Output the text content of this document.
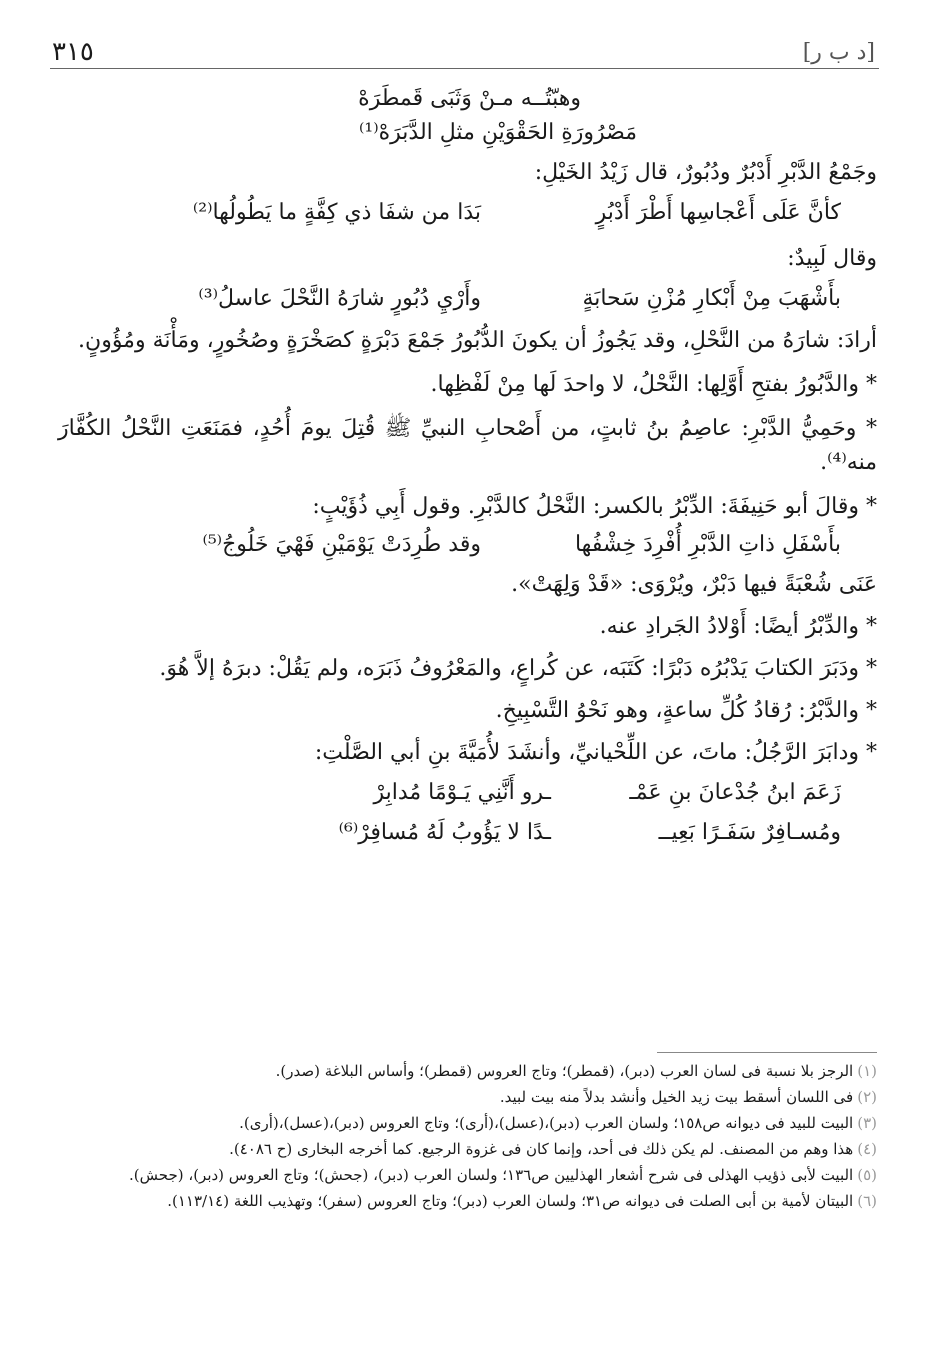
٣١٥	[د ب ر]
وهبّتُــه مـنْ وَثَبَى قَمطَرَهْ
مَصْرُورَةِ الحَقْوَيْنِ مثلِ الدَّبَرَهْ⁽¹⁾

وجَمْعُ الدَّبْرِ أَدْبُرٌ ودُبُورٌ، قال زَيْدُ الخَيْلِ:

كأنَّ عَلَى أَعْجاسِها أَطْرَ أَدْبُرٍ
بَدَا من شفَا ذي كِفَّةٍ ما يَطُولُها⁽²⁾

وقال لَبِيدٌ:

بأَشْهَبَ مِنْ أَبْكارِ مُزْنِ سَحابَةٍ
وأَرْيِ دُبُورٍ شارَهُ النَّحْلَ عاسلُ⁽³⁾

أرادَ: شارَهُ من النَّحْلِ، وقد يَجُوزُ أن يكونَ الدُّبُورُ جَمْعَ دَبْرَةٍ كصَخْرَةٍ وصُخُورٍ، ومَأْنَة ومُؤُونٍ.

* والدَّبُورُ بفتحِ أَوَّلِها: النَّحْلُ، لا واحدَ لَها مِنْ لَفْظِها.

* وحَمِيُّ الدَّبْرِ: عاصِمُ بنُ ثابتٍ، من أَصْحابِ النبيِّ ﷺ قُتِلَ يومَ أُحُدٍ، فمَنَعَتِ النَّحْلُ الكُفَّارَ منه⁽⁴⁾.

* وقالَ أبو حَنِيفَةَ: الدِّبْرُ بالكسر: النَّحْلُ كالدَّبْرِ. وقول أَبِي ذُؤَيْبٍ:

بأَسْفَلِ ذاتِ الدَّبْرِ أُفْرِدَ خِشْفُها
وقد طُرِدَتْ يَوْمَيْنِ فَهْيَ خَلُوجُ⁽⁵⁾

عَنَى شُعْبَةً فيها دَبْرٌ، ويُرْوَى: «قَدْ وَلِهَتْ».

* والدِّبْرُ أيضًا: أَوْلادُ الجَرادِ عنه.

* ودَبَرَ الكتابَ يَدْبُرُه دَبْرًا: كَتَبَه، عن كُراعٍ، والمَعْرُوفُ ذَبَرَه، ولم يَقُلْ: دبرَهُ إلاَّ هُوَ.

* والدَّبْرُ: رُقادُ كُلِّ ساعةٍ، وهو نَحْوُ التَّسْبِيخِ.

* ودابَرَ الرَّجُلُ: ماتَ، عن اللِّحْيانيِّ، وأنشَدَ لأُمَيَّةَ بنِ أبي الصَّلْتِ:

زَعَمَ ابنُ جُدْعانَ بنِ عَمْـ
ـرو أَنَّنِي يَـوْمًا مُدابِرْ
ومُسـافِرٌ سَفَـرًا بَعِيــ
ـدًا لا يَؤُوبُ لَهُ مُسافِرْ⁽⁶⁾

(١)الرجز بلا نسبة فى لسان العرب (دبر)، (قمطر)؛ وتاج العروس (قمطر)؛ وأساس البلاغة (صدر).

(٢)فى اللسان أسقط بيت زيد الخيل وأنشد بدلاً منه بيت لبيد.

(٣)البيت للبيد فى ديوانه ص١٥٨؛ ولسان العرب (دبر)،(عسل)،(أرى)؛ وتاج العروس (دبر)،(عسل)،(أرى).

(٤)هذا وهم من المصنف. لم يكن ذلك فى أحد، وإنما كان فى غزوة الرجيع. كما أخرجه البخارى (ح ٤٠٨٦).

(٥)البيت لأبى ذؤيب الهذلى فى شرح أشعار الهذليين ص١٣٦؛ ولسان العرب (دبر)، (جحش)؛ وتاج العروس (دبر)، (جحش).

(٦)البيتان لأمية بن أبى الصلت فى ديوانه ص٣١؛ ولسان العرب (دبر)؛ وتاج العروس (سفر)؛ وتهذيب اللغة (١١٣/١٤).
